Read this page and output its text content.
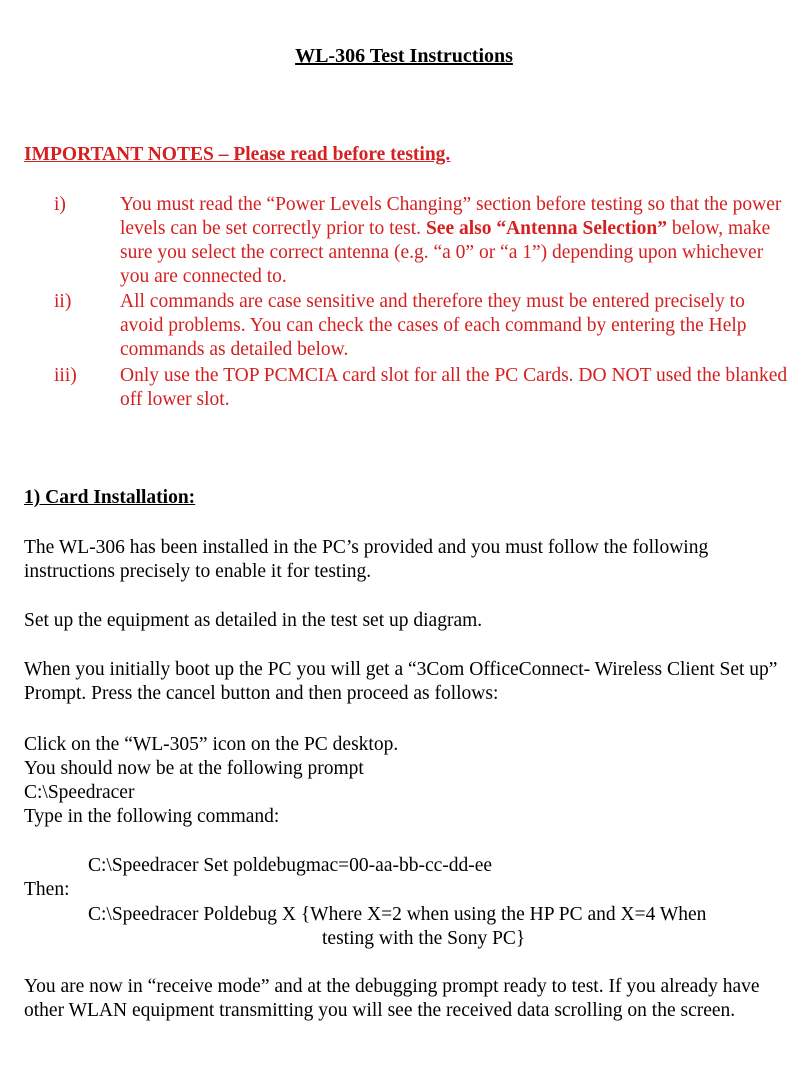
WL-306 Test Instructions
IMPORTANT NOTES – Please read before testing.
i)	You must read the “Power Levels Changing” section before testing so that the power levels can be set correctly prior to test. See also “Antenna Selection” below, make sure you select the correct antenna (e.g. “a 0” or “a 1”) depending upon whichever you are connected to.
ii) All commands are case sensitive and therefore they must be entered precisely to avoid problems. You can check the cases of each command by entering the Help commands as detailed below.
iii) Only use the TOP PCMCIA card slot for all the PC Cards. DO NOT used the blanked off lower slot.
1) Card Installation:
The WL-306 has been installed in the PC’s provided and you must follow the following instructions precisely to enable it for testing.
Set up the equipment as detailed in the test set up diagram.
When you initially boot up the PC you will get a “3Com OfficeConnect- Wireless Client Set up” Prompt. Press the cancel button and then proceed as follows:
Click on the “WL-305” icon on the PC desktop.
You should now be at the following prompt
C:\Speedracer
Type in the following command:
C:\Speedracer Set poldebugmac=00-aa-bb-cc-dd-ee
Then:
C:\Speedracer Poldebug X {Where X=2 when using the HP PC and X=4 When
testing with the Sony PC}
You are now in “receive mode” and at the debugging prompt ready to test. If you already have other WLAN equipment transmitting you will see the received data scrolling on the screen.
